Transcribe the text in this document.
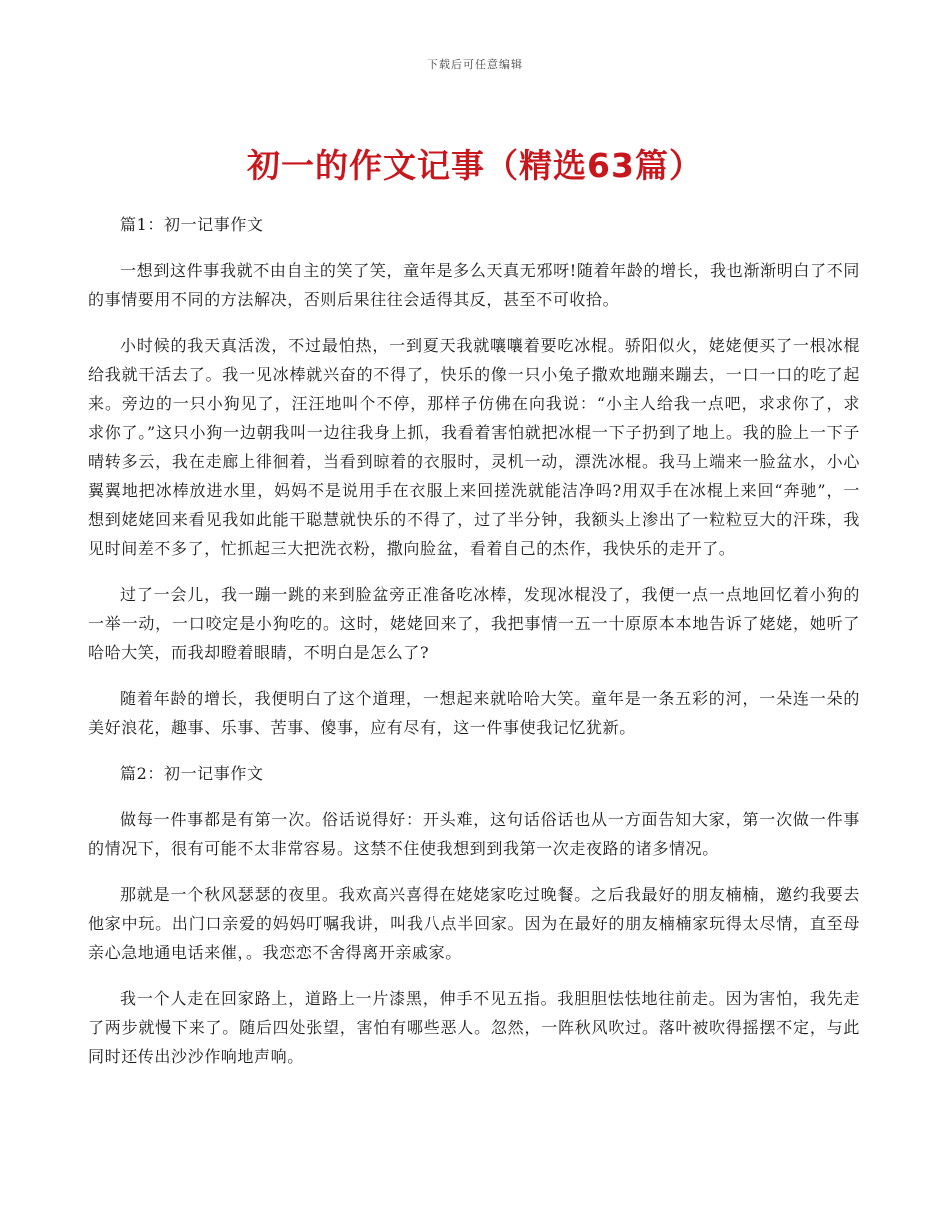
下载后可任意编辑
初一的作文记事（精选63篇）

篇1：初一记事作文

一想到这件事我就不由自主的笑了笑，童年是多么天真无邪呀!随着年龄的增长，我也渐渐明白了不同的事情要用不同的方法解决，否则后果往往会适得其反，甚至不可收拾。

小时候的我天真活泼，不过最怕热，一到夏天我就嚷嚷着要吃冰棍。骄阳似火，姥姥便买了一根冰棍给我就干活去了。我一见冰棒就兴奋的不得了，快乐的像一只小兔子撒欢地蹦来蹦去，一口一口的吃了起来。旁边的一只小狗见了，汪汪地叫个不停，那样子仿佛在向我说：“小主人给我一点吧，求求你了，求求你了。”这只小狗一边朝我叫一边往我身上抓，我看着害怕就把冰棍一下子扔到了地上。我的脸上一下子晴转多云，我在走廊上徘徊着，当看到晾着的衣服时，灵机一动，漂洗冰棍。我马上端来一脸盆水，小心翼翼地把冰棒放进水里，妈妈不是说用手在衣服上来回搓洗就能洁净吗?用双手在冰棍上来回“奔驰”，一想到姥姥回来看见我如此能干聪慧就快乐的不得了，过了半分钟，我额头上渗出了一粒粒豆大的汗珠，我见时间差不多了，忙抓起三大把洗衣粉，撒向脸盆，看着自己的杰作，我快乐的走开了。

过了一会儿，我一蹦一跳的来到脸盆旁正准备吃冰棒，发现冰棍没了，我便一点一点地回忆着小狗的一举一动，一口咬定是小狗吃的。这时，姥姥回来了，我把事情一五一十原原本本地告诉了姥姥，她听了哈哈大笑，而我却瞪着眼睛，不明白是怎么了?

随着年龄的增长，我便明白了这个道理，一想起来就哈哈大笑。童年是一条五彩的河，一朵连一朵的美好浪花，趣事、乐事、苦事、傻事，应有尽有，这一件事使我记忆犹新。

篇2：初一记事作文

做每一件事都是有第一次。俗话说得好：开头难，这句话俗话也从一方面告知大家，第一次做一件事的情况下，很有可能不太非常容易。这禁不住使我想到到我第一次走夜路的诸多情况。

那就是一个秋风瑟瑟的夜里。我欢高兴喜得在姥姥家吃过晚餐。之后我最好的朋友楠楠，邀约我要去他家中玩。出门口亲爱的妈妈叮嘱我讲，叫我八点半回家。因为在最好的朋友楠楠家玩得太尽情，直至母亲心急地通电话来催，。我恋恋不舍得离开亲戚家。

我一个人走在回家路上，道路上一片漆黑，伸手不见五指。我胆胆怯怯地往前走。因为害怕，我先走了两步就慢下来了。随后四处张望，害怕有哪些恶人。忽然，一阵秋风吹过。落叶被吹得摇摆不定，与此同时还传出沙沙作响地声响。
